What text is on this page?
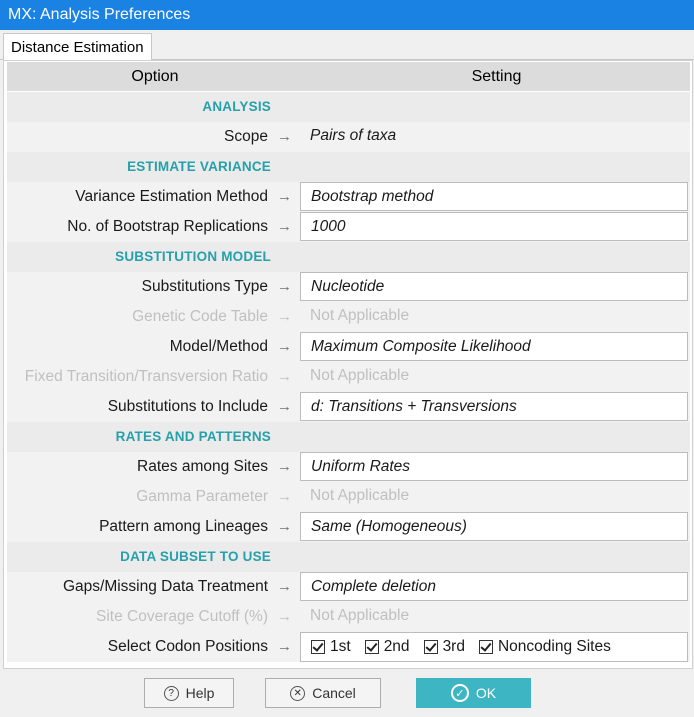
MX: Analysis Preferences
Distance Estimation
Option	Setting
ANALYSIS
Scope →	Pairs of taxa
ESTIMATE VARIANCE
Variance Estimation Method →	Bootstrap method
No. of Bootstrap Replications →	1000
SUBSTITUTION MODEL
Substitutions Type →	Nucleotide
Genetic Code Table →	Not Applicable
Model/Method →	Maximum Composite Likelihood
Fixed Transition/Transversion Ratio →	Not Applicable
Substitutions to Include →	d: Transitions + Transversions
RATES AND PATTERNS
Rates among Sites →	Uniform Rates
Gamma Parameter →	Not Applicable
Pattern among Lineages →	Same (Homogeneous)
DATA SUBSET TO USE
Gaps/Missing Data Treatment →	Complete deletion
Site Coverage Cutoff (%) →	Not Applicable
Select Codon Positions →	1st 2nd 3rd Noncoding Sites
? Help	✕ Cancel	✓ OK
